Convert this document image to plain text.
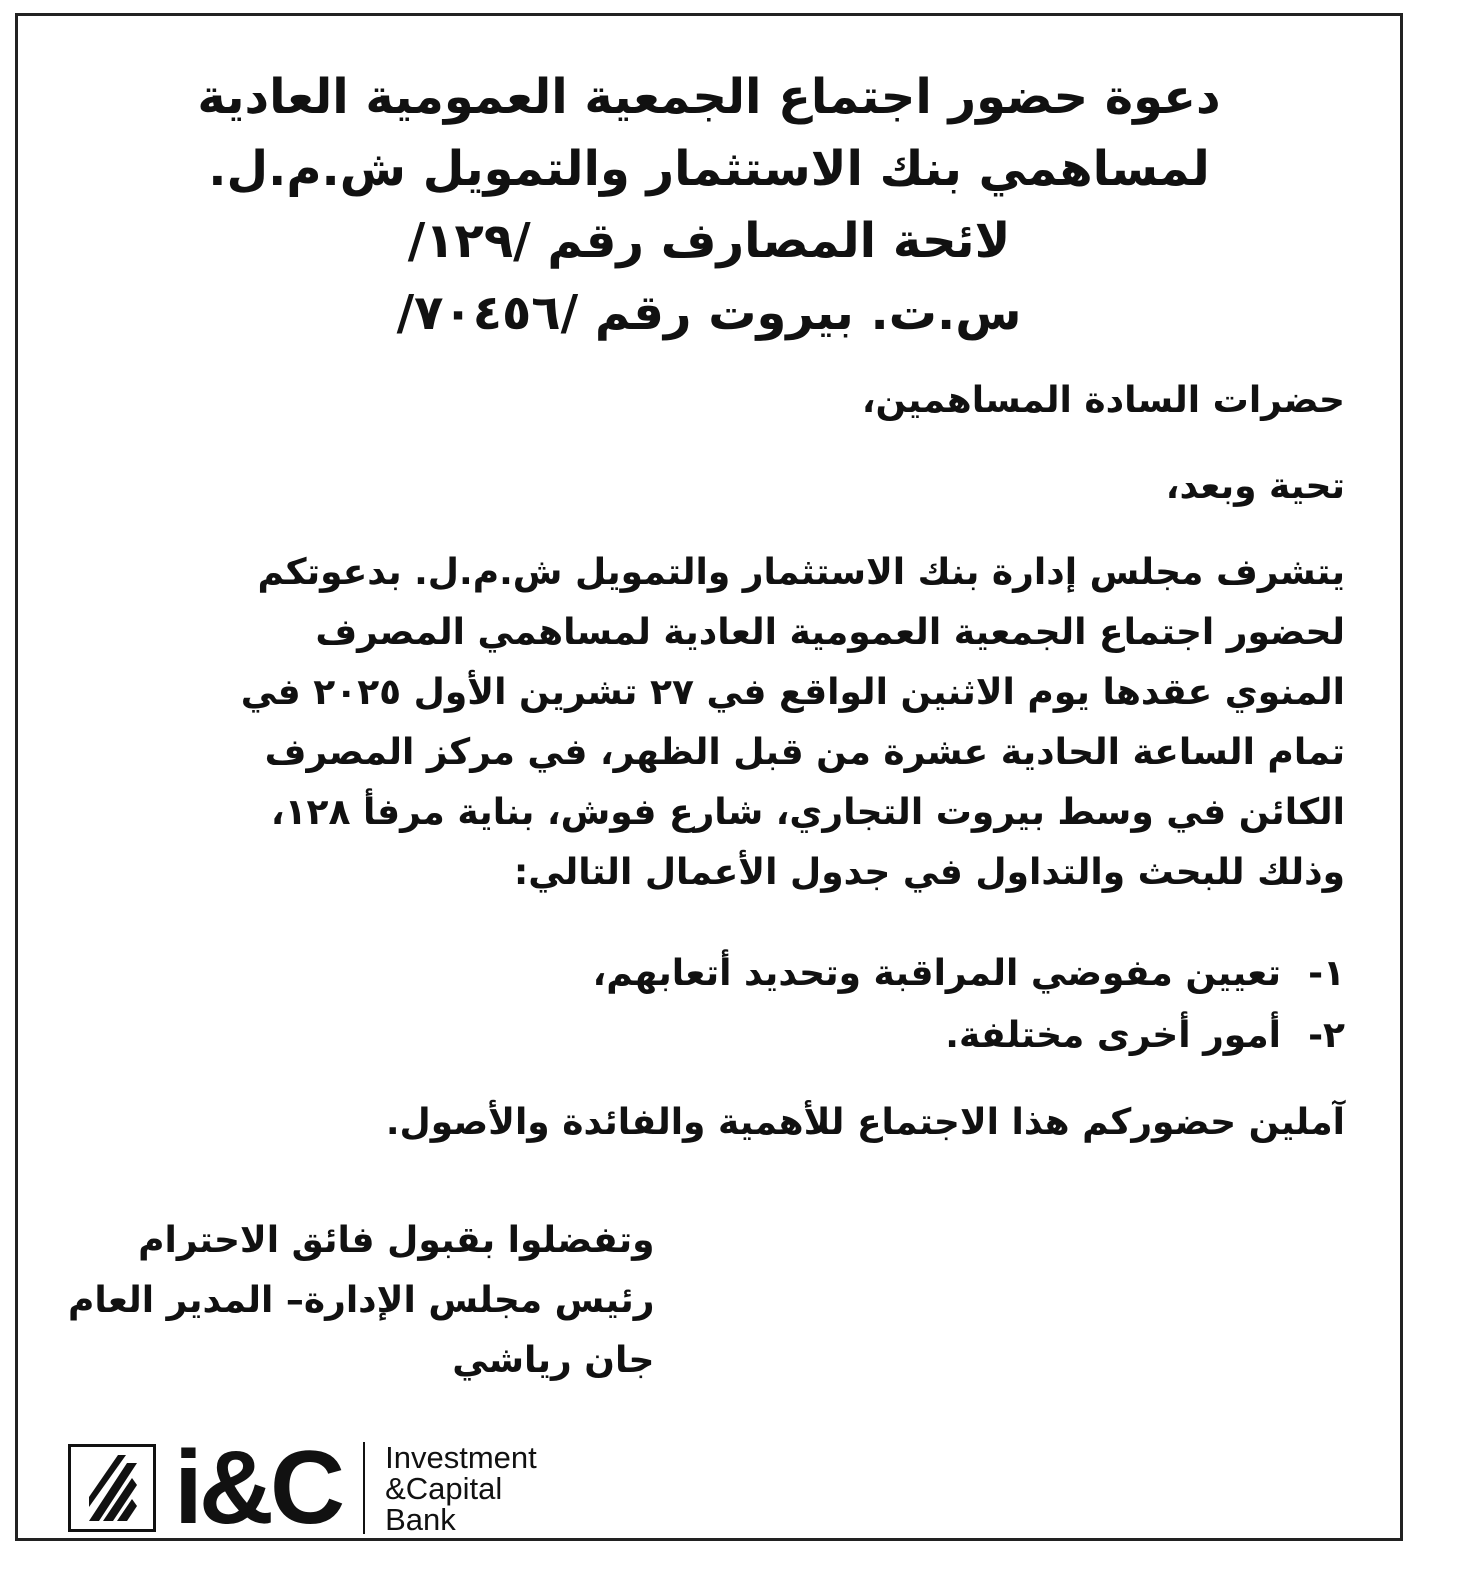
دعوة حضور اجتماع الجمعية العمومية العادية
لمساهمي بنك الاستثمار والتمويل ش.م.ل.
لائحة المصارف رقم /١٢٩/
س.ت. بيروت رقم /٧٠٤٥٦/
حضرات السادة المساهمين،
تحية وبعد،
يتشرف مجلس إدارة بنك الاستثمار والتمويل ش.م.ل. بدعوتكم
لحضور اجتماع الجمعية العمومية العادية لمساهمي المصرف
المنوي عقدها يوم الاثنين الواقع في ٢٧ تشرين الأول ٢٠٢٥ في
تمام الساعة الحادية عشرة من قبل الظهر، في مركز المصرف
الكائن في وسط بيروت التجاري، شارع فوش، بناية مرفأ ١٢٨،
وذلك للبحث والتداول في جدول الأعمال التالي:
١-تعيين مفوضي المراقبة وتحديد أتعابهم،
٢-أمور أخرى مختلفة.
آملين حضوركم هذا الاجتماع للأهمية والفائدة والأصول.
وتفضلوا بقبول فائق الاحترام
رئيس مجلس الإدارة– المدير العام
جان رياشي
i&C Investment
&Capital
Bank
